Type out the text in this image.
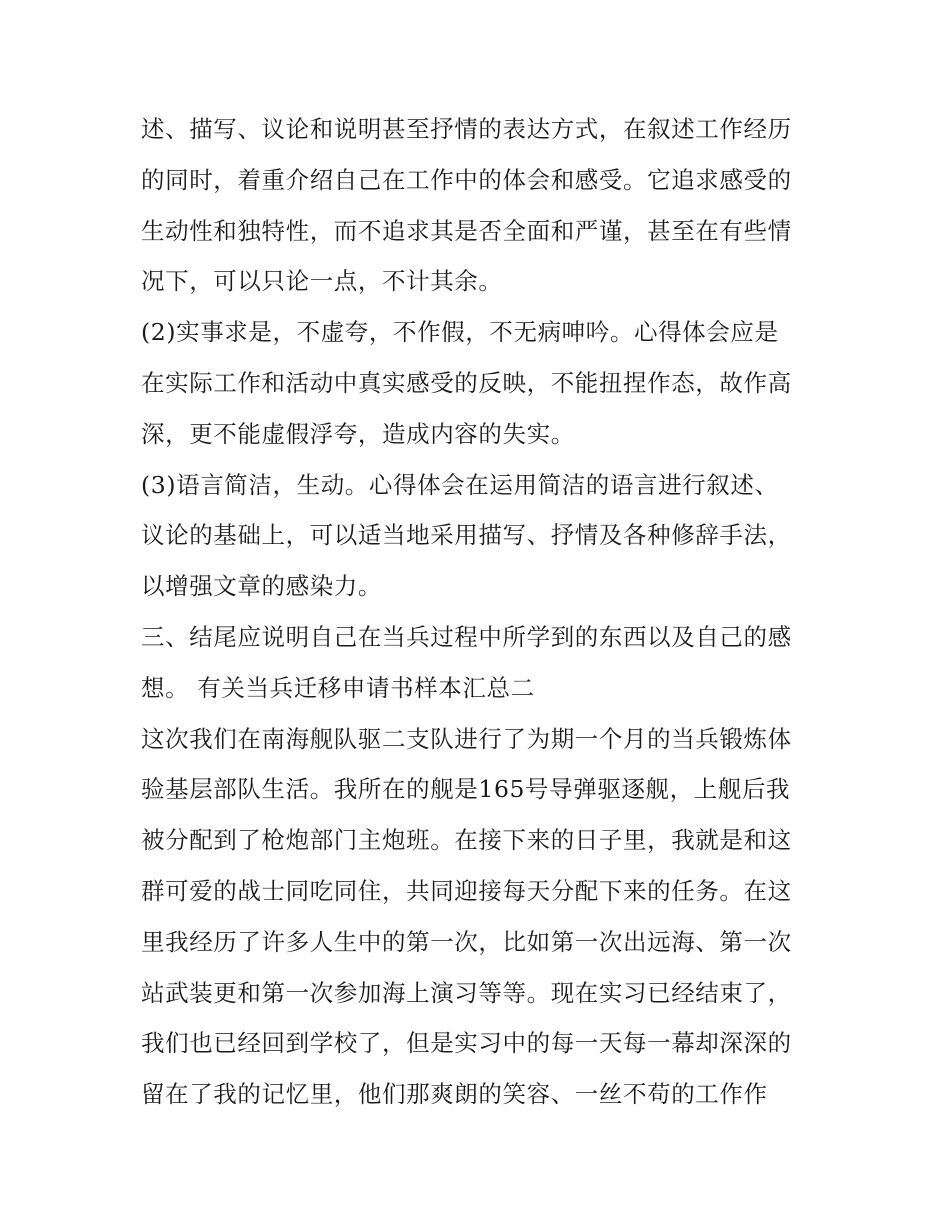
述、描写、议论和说明甚至抒情的表达方式，在叙述工作经历
的同时，着重介绍自己在工作中的体会和感受。它追求感受的
生动性和独特性，而不追求其是否全面和严谨，甚至在有些情
况下，可以只论一点，不计其余。
(2)实事求是，不虚夸，不作假，不无病呻吟。心得体会应是
在实际工作和活动中真实感受的反映，不能扭捏作态，故作高
深，更不能虚假浮夸，造成内容的失实。
(3)语言简洁，生动。心得体会在运用简洁的语言进行叙述、
议论的基础上，可以适当地采用描写、抒情及各种修辞手法，
以增强文章的感染力。
三、结尾应说明自己在当兵过程中所学到的东西以及自己的感
想。 有关当兵迁移申请书样本汇总二
这次我们在南海舰队驱二支队进行了为期一个月的当兵锻炼体
验基层部队生活。我所在的舰是165号导弹驱逐舰，上舰后我
被分配到了枪炮部门主炮班。在接下来的日子里，我就是和这
群可爱的战士同吃同住，共同迎接每天分配下来的任务。在这
里我经历了许多人生中的第一次，比如第一次出远海、第一次
站武装更和第一次参加海上演习等等。现在实习已经结束了，
我们也已经回到学校了，但是实习中的每一天每一幕却深深的
留在了我的记忆里，他们那爽朗的笑容、一丝不苟的工作作
